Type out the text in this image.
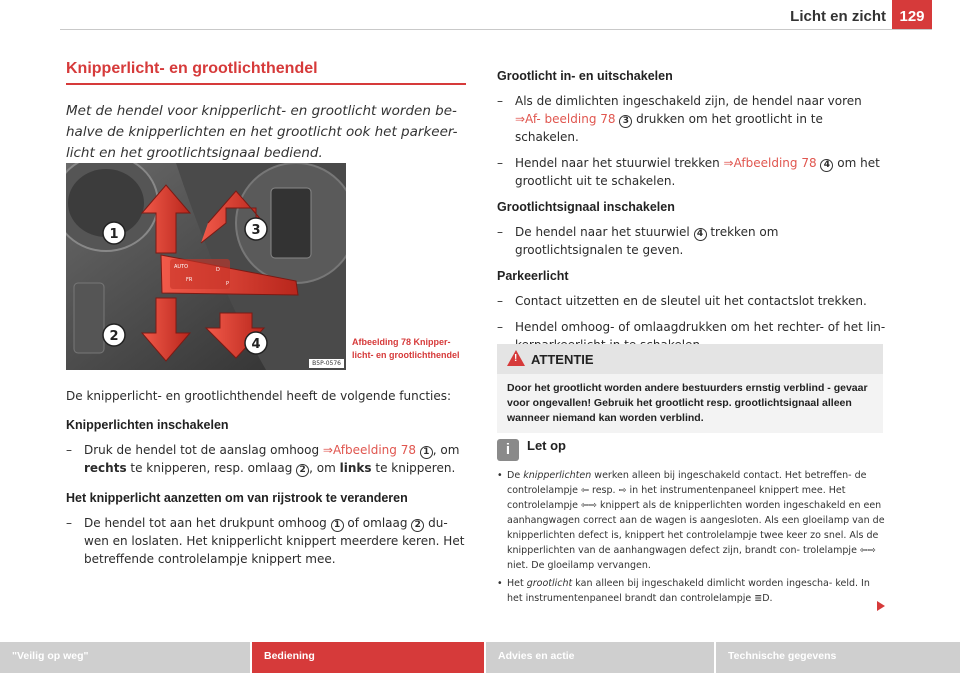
Licht en zicht 129
Knipperlicht- en grootlichthendel
Met de hendel voor knipperlicht- en grootlicht worden be- halve de knipperlichten en het grootlicht ook het parkeer- licht en het grootlichtsignaal bediend.
AUTO	D
FR
P
1
2
3
4
B5P-0576
Afbeelding 78 Knipper- licht- en grootlichthendel

De knipperlicht- en grootlichthendel heeft de volgende functies:

Knipperlichten inschakelen
– Druk de hendel tot de aanslag omhoog ⇒Afbeelding 78 1 , om rechts te knipperen, resp. omlaag 2 , om links te knipperen.
Het knipperlicht aanzetten om van rijstrook te veranderen
– De hendel tot aan het drukpunt omhoog 1 of omlaag 2 du- wen en loslaten. Het knipperlicht knippert meerdere keren. Het betreffende controlelampje knippert mee.
Grootlicht in- en uitschakelen
– Als de dimlichten ingeschakeld zijn, de hendel naar voren ⇒Af- beelding 78 3 drukken om het grootlicht in te schakelen.
– Hendel naar het stuurwiel trekken ⇒Afbeelding 78 4 om het grootlicht uit te schakelen.
Grootlichtsignaal inschakelen
– De hendel naar het stuurwiel 4 trekken om grootlichtsignalen te geven.
Parkeerlicht
– Contact uitzetten en de sleutel uit het contactslot trekken.
– Hendel omhoog- of omlaagdrukken om het rechter- of het lin-
!ATTENTIE
Door het grootlicht worden andere bestuurders ernstig verblind - gevaar voor ongevallen! Gebruik het grootlicht resp. grootlichtsignaal alleen wanneer niemand kan worden verblind.
i Let op

• De knipperlichten werken alleen bij ingeschakeld contact. Het betreffen- de controlelampje ⇦ resp. ⇨ in het instrumentenpaneel knippert mee. Het controlelampje ⇦⇨ knippert als de knipperlichten worden ingeschakeld en een aanhangwagen correct aan de wagen is aangesloten. Als een gloeilamp van de knipperlichten defect is, knippert het controlelampje twee keer zo snel. Als de knipperlichten van de aanhangwagen defect zijn, brandt con- trolelampje ⇦⇨ niet. De gloeilamp vervangen.

• Het grootlicht kan alleen bij ingeschakeld dimlicht worden ingescha- keld. In het instrumentenpaneel brandt dan controlelampje ≣D.

"Veilig op weg"	Bediening	Advies en actie	Technische gegevens
